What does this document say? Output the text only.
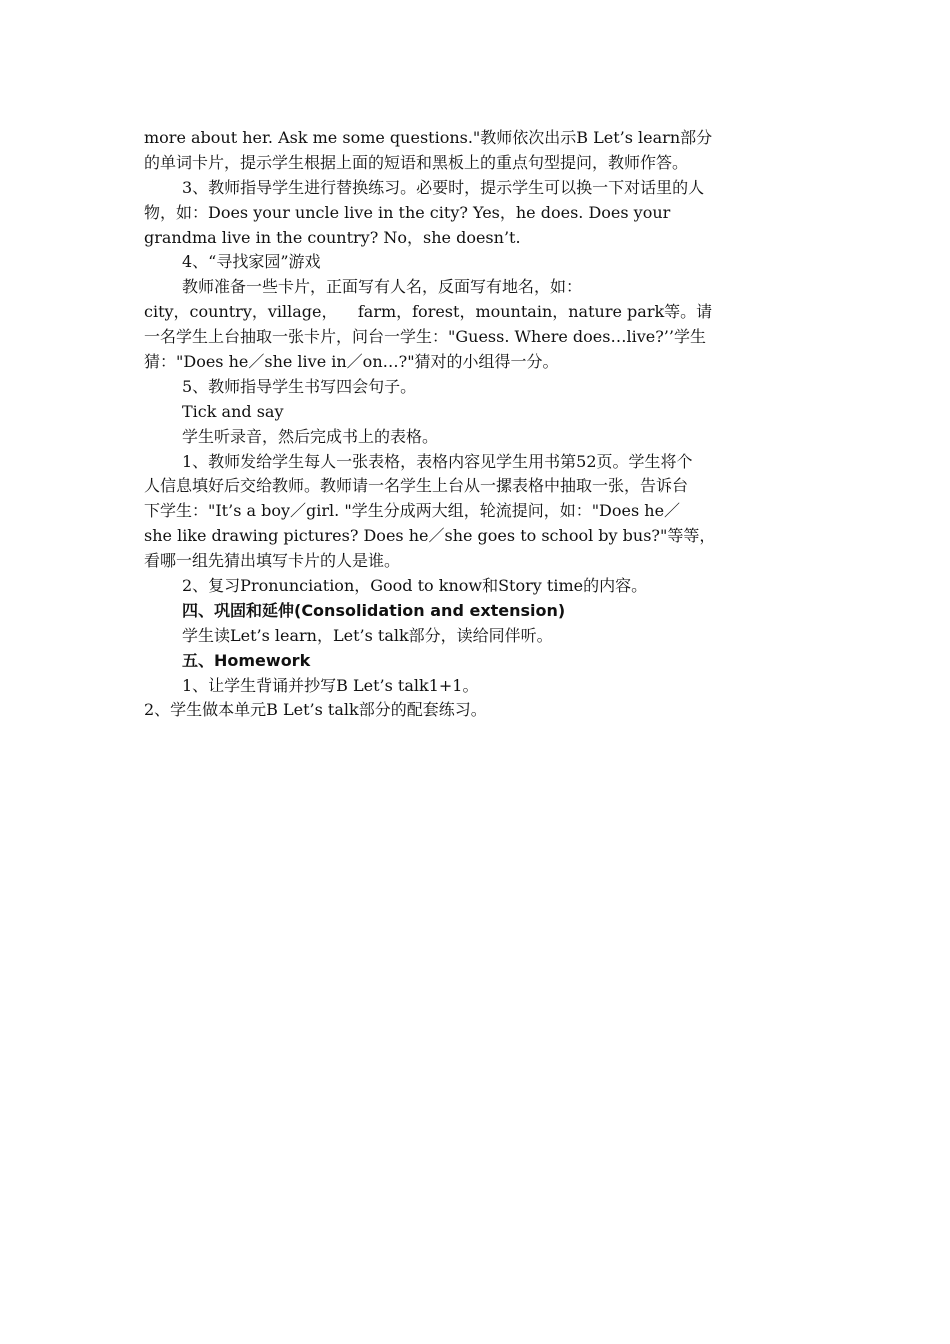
more about her. Ask me some questions."教师依次出示B Let’s learn部分
的单词卡片，提示学生根据上面的短语和黑板上的重点句型提问，教师作答。
3、教师指导学生进行替换练习。必要时，提示学生可以换一下对话里的人
物，如：Does your uncle live in the city? Yes，he does. Does your
grandma live in the country? No，she doesn’t.
4、“寻找家园”游戏
教师准备一些卡片，正面写有人名，反面写有地名，如：
city，country，village，    farm，forest，mountain，nature park等。请
一名学生上台抽取一张卡片，问台一学生："Guess. Where does…live?’’学生
猜："Does he／she live in／on…?"猜对的小组得一分。
5、教师指导学生书写四会句子。
Tick and say
学生听录音，然后完成书上的表格。
1、教师发给学生每人一张表格，表格内容见学生用书第52页。学生将个
人信息填好后交给教师。教师请一名学生上台从一摞表格中抽取一张，告诉台
下学生："It’s a boy／girl. "学生分成两大组，轮流提问，如："Does he／
she like drawing pictures? Does he／she goes to school by bus?"等等，
看哪一组先猜出填写卡片的人是谁。
2、复习Pronunciation，Good to know和Story time的内容。
四、巩固和延伸(Consolidation and extension)
学生读Let’s learn，Let’s talk部分，读给同伴听。
五、Homework
1、让学生背诵并抄写B Let’s talk1+1。
2、学生做本单元B Let’s talk部分的配套练习。
